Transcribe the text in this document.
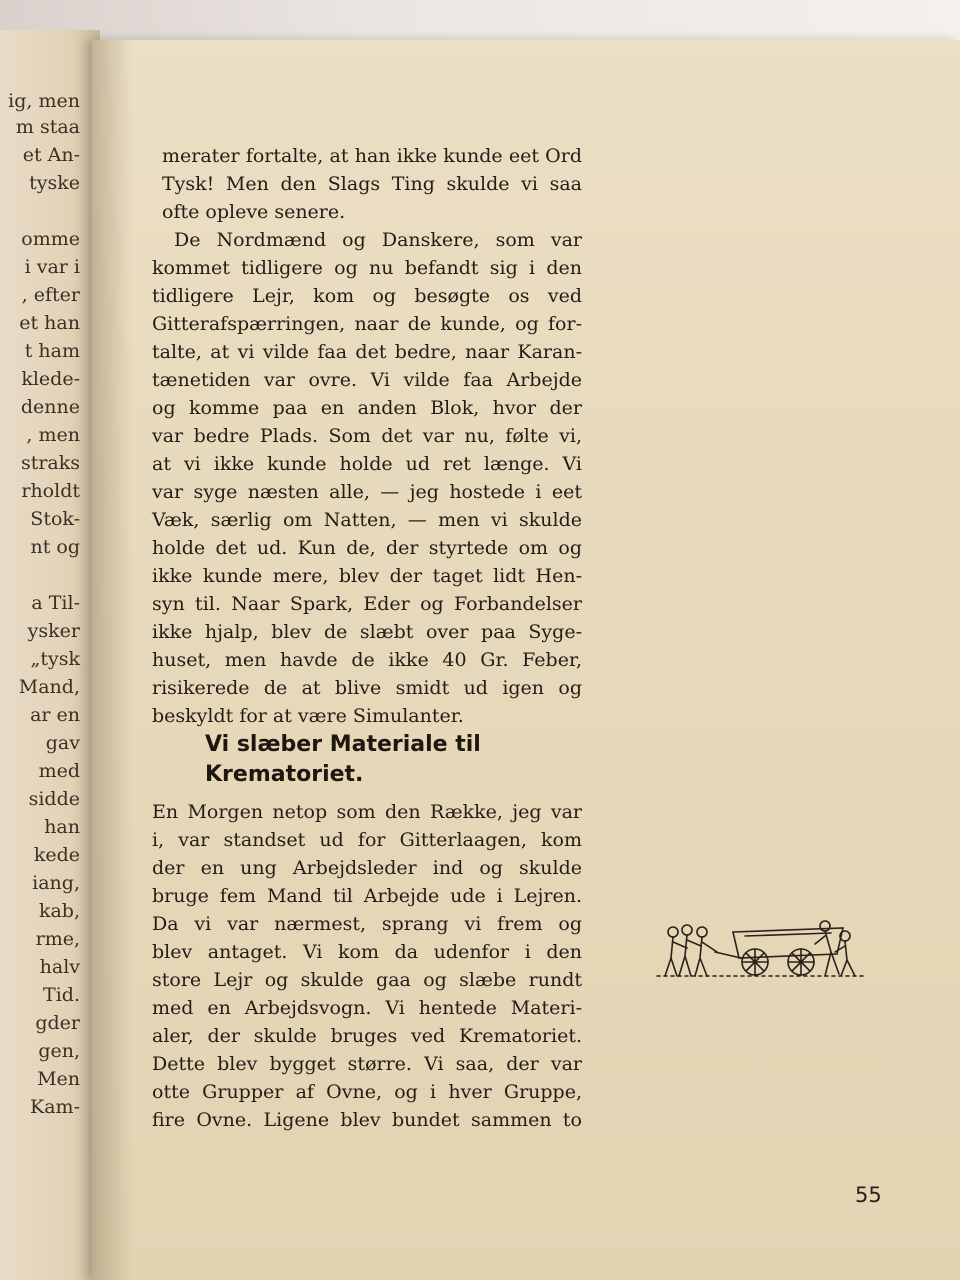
ig, men
m staa
et An-
tyske
omme
i var i
, efter
et han
t ham
klede-
denne
, men
straks
rholdt
Stok-
nt og
a Til-
ysker
„tysk
Mand,
ar en
gav
med
sidde
han
kede
iang,
kab,
rme,
halv
Tid.
gder
gen,
Men
Kam-
merater fortalte, at han ikke kunde eet Ord
Tysk! Men den Slags Ting skulde vi saa
ofte opleve senere.
De Nordmænd og Danskere, som var
kommet tidligere og nu befandt sig i den
tidligere Lejr, kom og besøgte os ved
Gitterafspærringen, naar de kunde, og for-
talte, at vi vilde faa det bedre, naar Karan-
tænetiden var ovre. Vi vilde faa Arbejde
og komme paa en anden Blok, hvor der
var bedre Plads. Som det var nu, følte vi,
at vi ikke kunde holde ud ret længe. Vi
var syge næsten alle, — jeg hostede i eet
Væk, særlig om Natten, — men vi skulde
holde det ud. Kun de, der styrtede om og
ikke kunde mere, blev der taget lidt Hen-
syn til. Naar Spark, Eder og Forbandelser
ikke hjalp, blev de slæbt over paa Syge-
huset, men havde de ikke 40 Gr. Feber,
risikerede de at blive smidt ud igen og
beskyldt for at være Simulanter.
Vi slæber Materiale til
Krematoriet.
En Morgen netop som den Række, jeg var
i, var standset ud for Gitterlaagen, kom
der en ung Arbejdsleder ind og skulde
bruge fem Mand til Arbejde ude i Lejren.
Da vi var nærmest, sprang vi frem og
blev antaget. Vi kom da udenfor i den
store Lejr og skulde gaa og slæbe rundt
med en Arbejdsvogn. Vi hentede Materi-
aler, der skulde bruges ved Krematoriet.
Dette blev bygget større. Vi saa, der var
otte Grupper af Ovne, og i hver Gruppe,
fire Ovne. Ligene blev bundet sammen to
55
